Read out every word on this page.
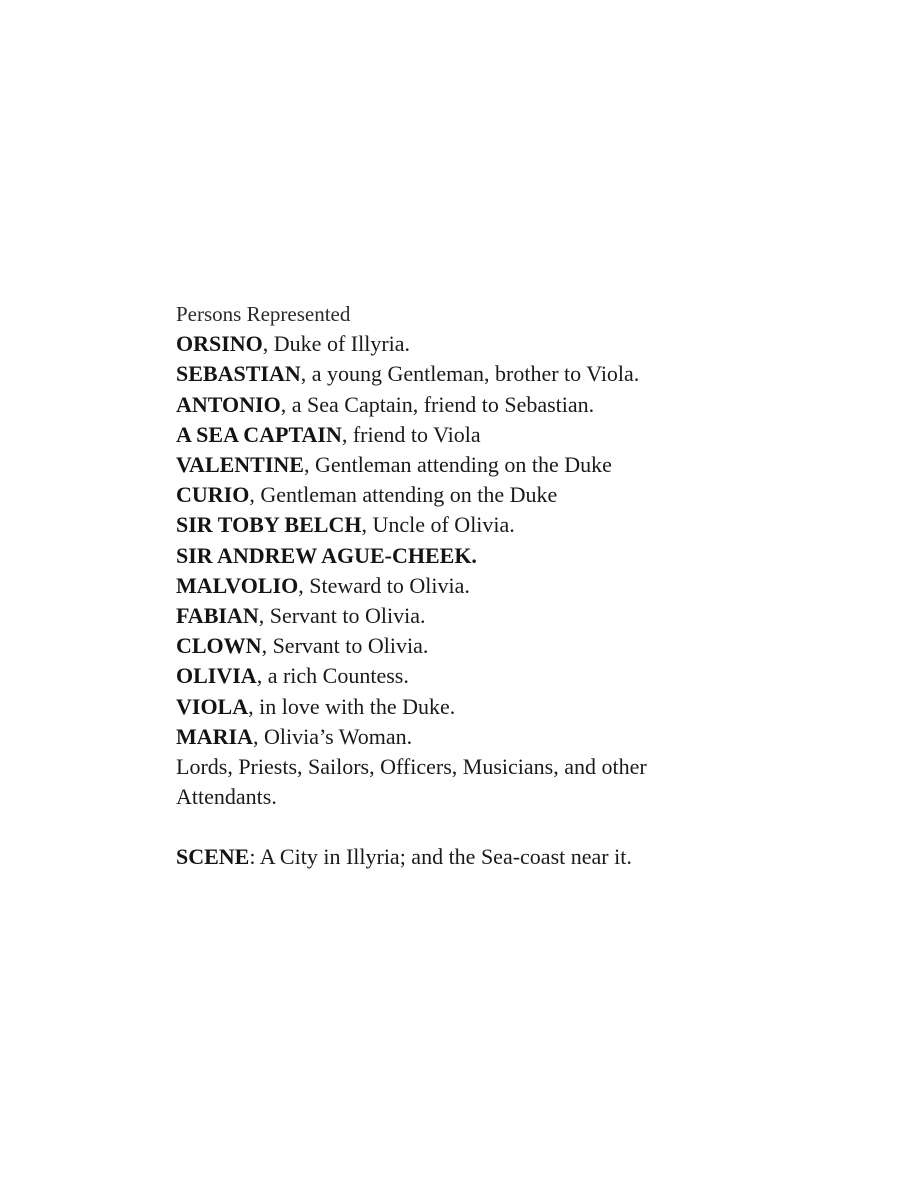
Persons Represented

ORSINO, Duke of Illyria.
SEBASTIAN, a young Gentleman, brother to Viola.
ANTONIO, a Sea Captain, friend to Sebastian.
A SEA CAPTAIN, friend to Viola
VALENTINE, Gentleman attending on the Duke
CURIO, Gentleman attending on the Duke
SIR TOBY BELCH, Uncle of Olivia.
SIR ANDREW AGUE-CHEEK.
MALVOLIO, Steward to Olivia.
FABIAN, Servant to Olivia.
CLOWN, Servant to Olivia.
OLIVIA, a rich Countess.
VIOLA, in love with the Duke.
MARIA, Olivia’s Woman.

Lords, Priests, Sailors, Officers, Musicians, and other Attendants.

SCENE: A City in Illyria; and the Sea-coast near it.
